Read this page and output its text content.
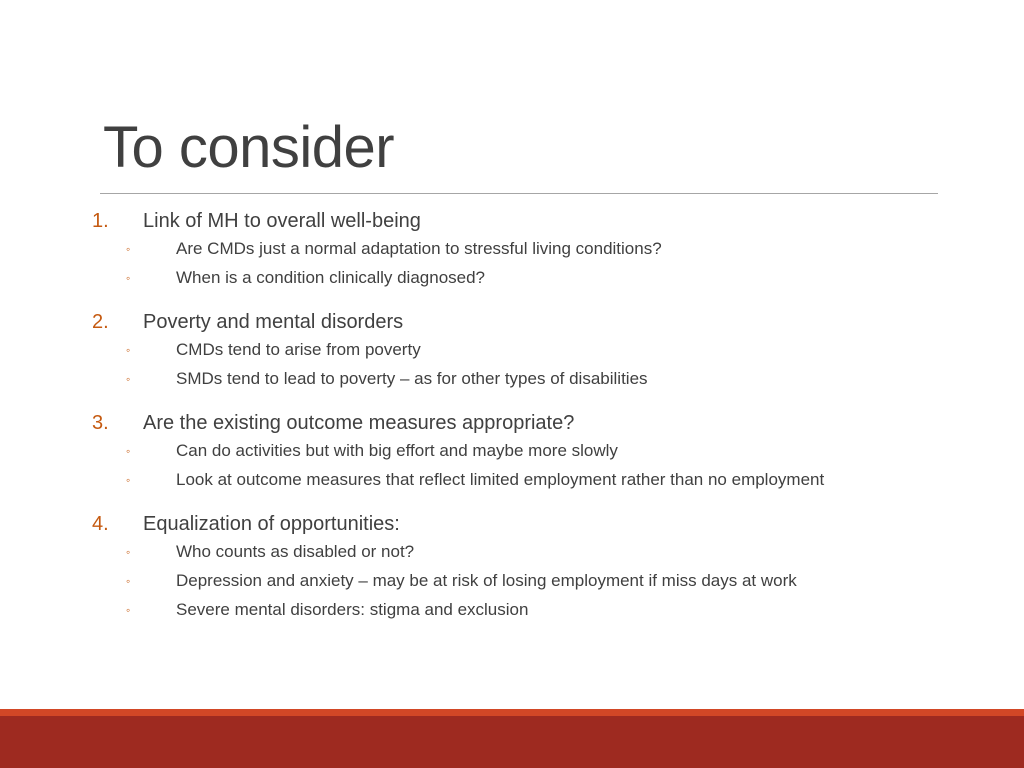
To consider
1. Link of MH to overall well-being
◦	Are CMDs just a normal adaptation to stressful living conditions?
◦	When is a condition clinically diagnosed?
2. Poverty and mental disorders
◦	CMDs tend to arise from poverty
◦	SMDs tend to lead to poverty – as for other types of disabilities
3. Are the existing outcome measures appropriate?
◦	Can do activities but with big effort and maybe more slowly
◦	Look at outcome measures that reflect limited employment rather than no employment
4. Equalization of opportunities:
◦	Who counts as disabled or not?
◦	Depression and anxiety – may be at risk of losing employment if miss days at work
◦	Severe mental disorders: stigma and exclusion
